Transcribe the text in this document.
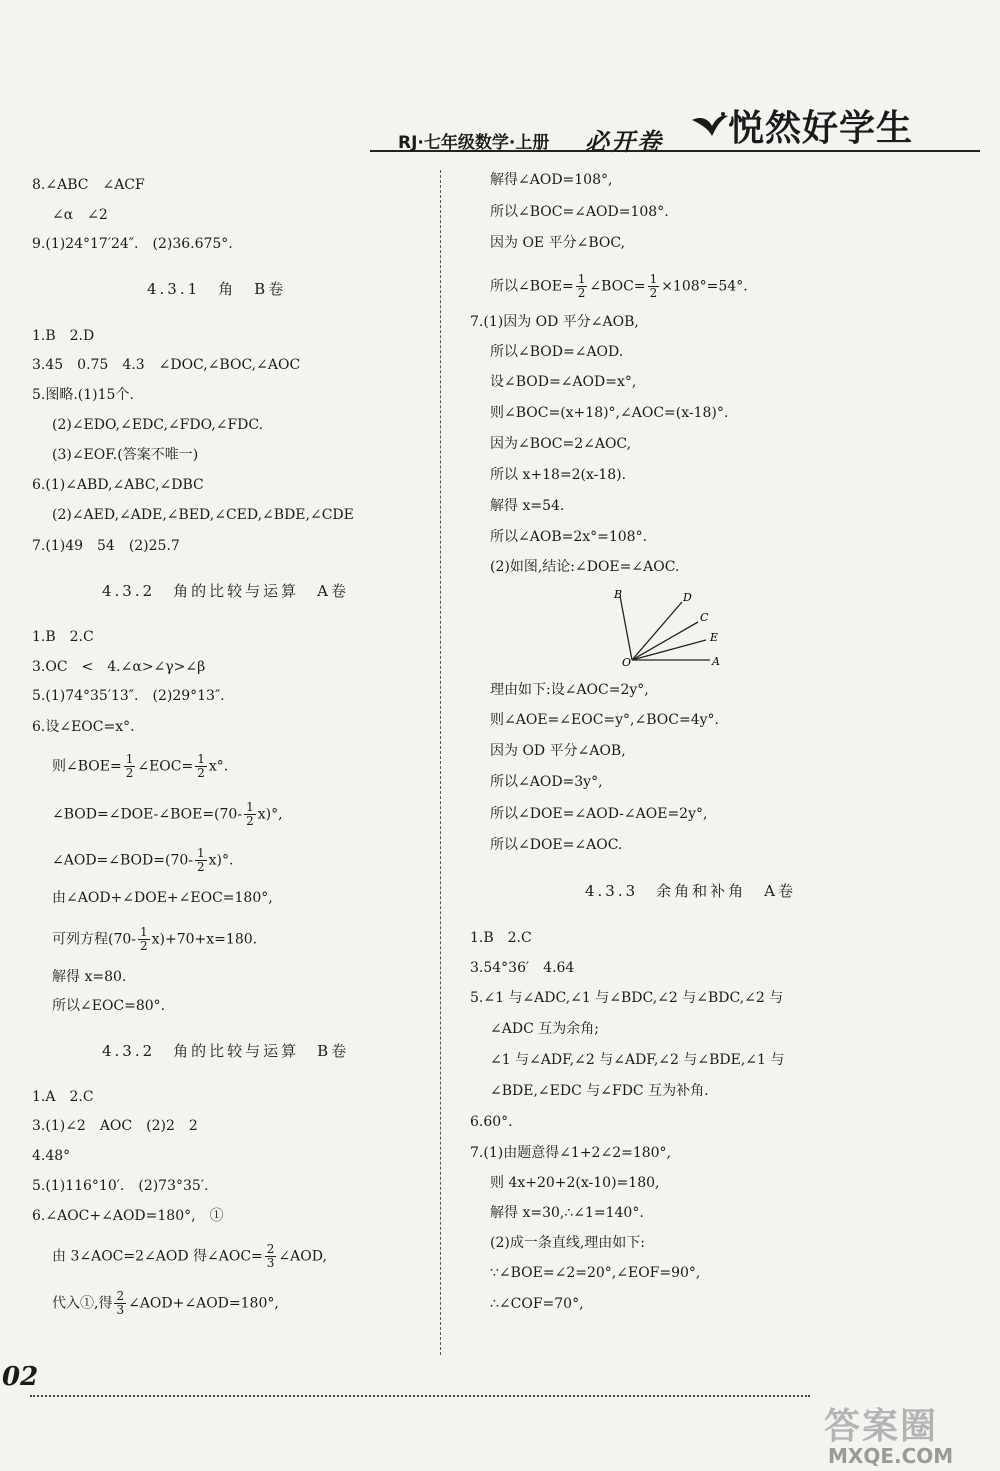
RJ·七年级数学·上册 必开卷 悦然好学生
8.∠ABC　∠ACF
∠α　∠2
9.(1)24°17′24″.　(2)36.675°.
4.3.1　角　B卷
1.B　2.D
3.45　0.75　4.3　∠DOC,∠BOC,∠AOC
5.图略.(1)15个.
(2)∠EDO,∠EDC,∠FDO,∠FDC.
(3)∠EOF.(答案不唯一)
6.(1)∠ABD,∠ABC,∠DBC
(2)∠AED,∠ADE,∠BED,∠CED,∠BDE,∠CDE
7.(1)49　54　(2)25.7
4.3.2　角的比较与运算　A卷
1.B　2.C
3.OC　<　4.∠α>∠γ>∠β
5.(1)74°35′13″.　(2)29°13″.
6.设∠EOC=x°.
则∠BOE= $\frac{1}{2}$ ∠EOC= $\frac{1}{2} x^\circ$.
∠BOD=∠DOE-∠BOE=(70- $\frac{1}{2} x)^\circ$,
∠AOD=∠BOD=(70- $\frac{1}{2} x)^\circ$.
由∠AOD+∠DOE+∠EOC=180°,
可列方程$(70- \frac{1}{2} x)+70+x=180$.
解得 x=80.
所以∠EOC=80°.
4.3.2　角的比较与运算　B卷
1.A　2.C
3.(1)∠2　AOC　(2)2　2
4.48°
5.(1)116°10′.　(2)73°35′.
6.∠AOC+∠AOD=180°,　①
由 3∠AOC=2∠AOD 得∠AOC= $\frac{2}{3}$ ∠AOD,
代入①,得 $\frac{2}{3}$ ∠AOD+∠AOD=180°,
解得∠AOD=108°,
所以∠BOC=∠AOD=108°.
因为 OE 平分∠BOC,
所以∠BOE= $\frac{1}{2}$ ∠BOC= $\frac{1}{2} \times 108^\circ=54^\circ$.
7.(1)因为 OD 平分∠AOB,
所以∠BOD=∠AOD.
设∠BOD=∠AOD=x°,
则∠BOC=(x+18)°,∠AOC=(x-18)°.
因为∠BOC=2∠AOC,
所以 x+18=2(x-18).
解得 x=54.
所以∠AOB=2x°=108°.
(2)如图,结论:∠DOE=∠AOC.
理由如下:设∠AOC=2y°,
则∠AOE=∠EOC=y°,∠BOC=4y°.
因为 OD 平分∠AOB,
所以∠AOD=3y°,
所以∠DOE=∠AOD-∠AOE=2y°,
所以∠DOE=∠AOC.
4.3.3　余角和补角　A卷
1.B　2.C
3.54°36′　4.64
5.∠1 与∠ADC,∠1 与∠BDC,∠2 与∠BDC,∠2 与
∠ADC 互为余角;
∠1 与∠ADF,∠2 与∠ADF,∠2 与∠BDE,∠1 与
∠BDE,∠EDC 与∠FDC 互为补角.
6.60°.
7.(1)由题意得∠1+2∠2=180°,
则 4x+20+2(x-10)=180,
解得 x=30,∴∠1=140°.
(2)成一条直线,理由如下:
∵∠BOE=∠2=20°,∠EOF=90°,
∴∠COF=70°,
B	D
C
E
O	A
02
答案圈
MXQE.COM
